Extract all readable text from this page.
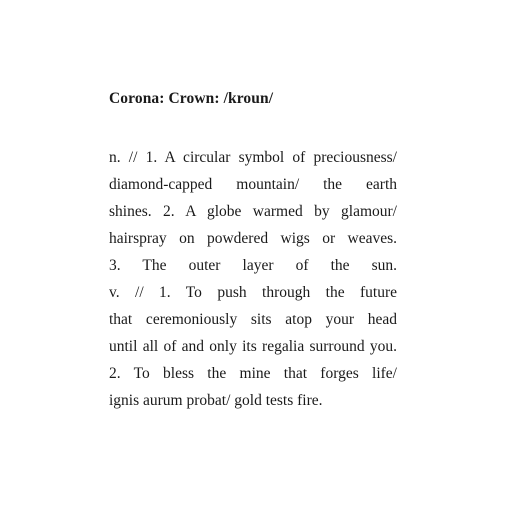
Corona: Crown: /kroun/
n. // 1. A circular symbol of preciousness/
diamond-capped mountain/ the earth
shines. 2. A globe warmed by glamour/
hairspray on powdered wigs or weaves.
3. The outer layer of the sun.
v. // 1. To push through the future
that ceremoniously sits atop your head
until all of and only its regalia surround you.
2. To bless the mine that forges life/
ignis aurum probat/ gold tests fire.
